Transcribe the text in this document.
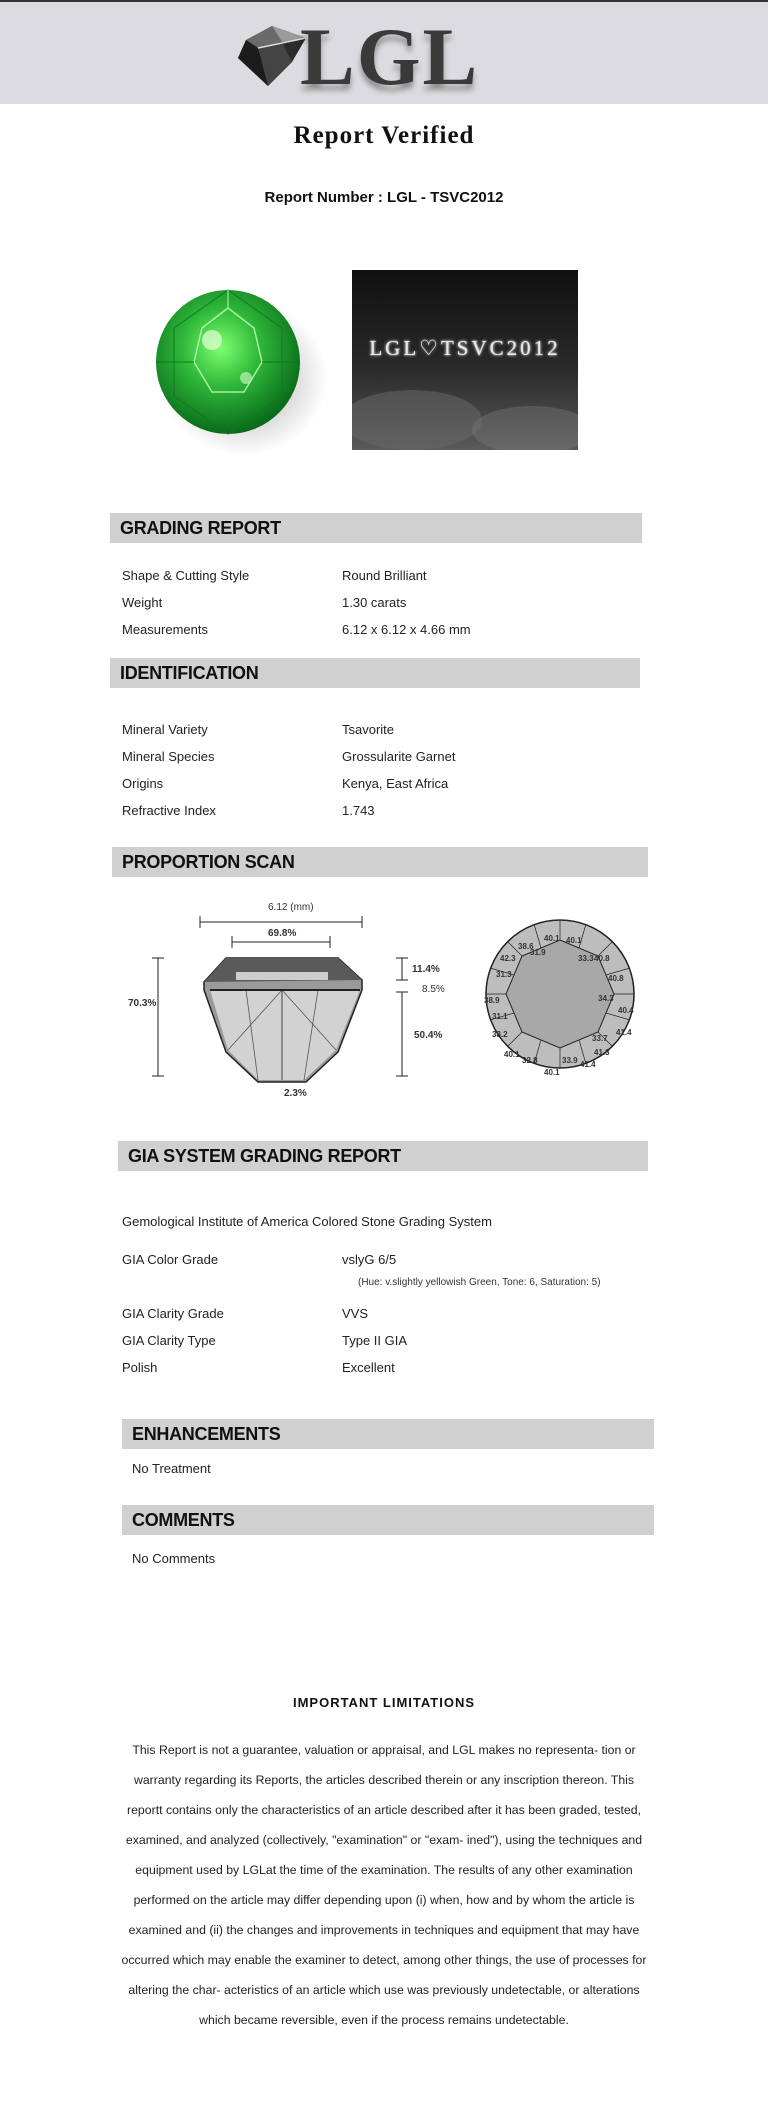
LGL
Report Verified
Report Number : LGL - TSVC2012
LGL♡TSVC2012
GRADING REPORT
Shape & Cutting Style	Round Brilliant
Weight	1.30 carats
Measurements	6.12 x 6.12 x 4.66 mm
IDENTIFICATION
Mineral Variety	Tsavorite
Mineral Species	Grossularite Garnet
Origins	Kenya, East Africa
Refractive Index	1.743
PROPORTION SCAN
6.12 (mm)
69.8%
70.3%
11.4%
8.5%
50.4%
2.3%
40.1 40.1
33.3 40.8
40.8
34.3
40.4
41.4
33.7
41.3
41.4
33.9
40.1
32.8
40.1
38.2
31.1
38.9
31.3
42.3
38.6
31.9
GIA SYSTEM GRADING REPORT
Gemological Institute of America Colored Stone Grading System
GIA Color Grade	vslyG 6/5
(Hue: v.slightly yellowish Green, Tone: 6, Saturation: 5)
GIA Clarity Grade	VVS
GIA Clarity Type	Type II GIA
Polish	Excellent
ENHANCEMENTS
No Treatment
COMMENTS
No Comments
IMPORTANT LIMITATIONS
This Report is not a guarantee, valuation or appraisal, and LGL makes no representa- tion or warranty regarding its Reports, the articles described therein or any inscription thereon. This reportt contains only the characteristics of an article described after it has been graded, tested, examined, and analyzed (collectively, "examination" or "exam- ined"), using the techniques and equipment used by LGLat the time of the examination. The results of any other examination performed on the article may differ depending upon (i) when, how and by whom the article is examined and (ii) the changes and improvements in techniques and equipment that may have occurred which may enable the examiner to detect, among other things, the use of processes for altering the char- acteristics of an article which use was previously undetectable, or alterations which became reversible, even if the process remains undetectable.
